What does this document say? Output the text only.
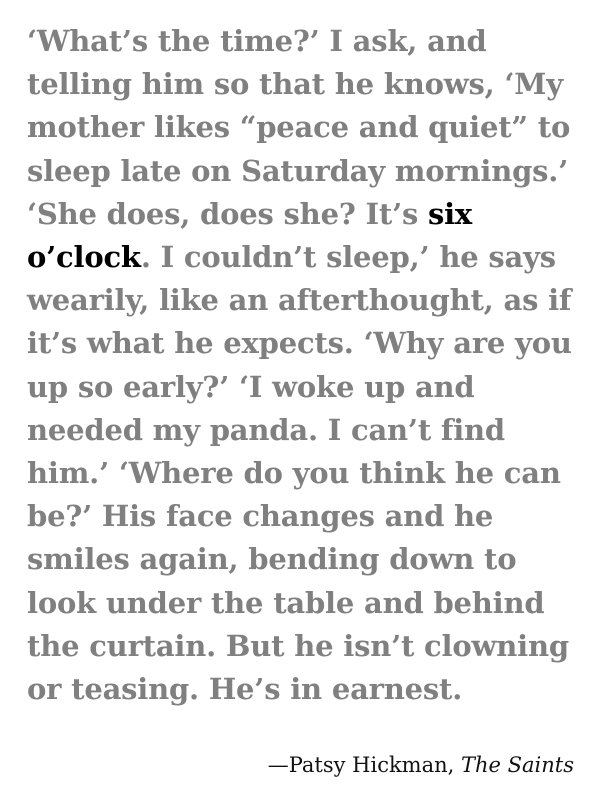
‘What’s the time?’ I ask, and telling him so that he knows, ‘My mother likes “peace and quiet” to sleep late on Saturday mornings.’ ‘She does, does she? It’s six o’clock. I couldn’t sleep,’ he says wearily, like an afterthought, as if it’s what he expects. ‘Why are you up so early?’ ‘I woke up and needed my panda. I can’t find him.’ ‘Where do you think he can be?’ His face changes and he smiles again, bending down to look under the table and behind the curtain. But he isn’t clowning or teasing. He’s in earnest.

—Patsy Hickman, The Saints
